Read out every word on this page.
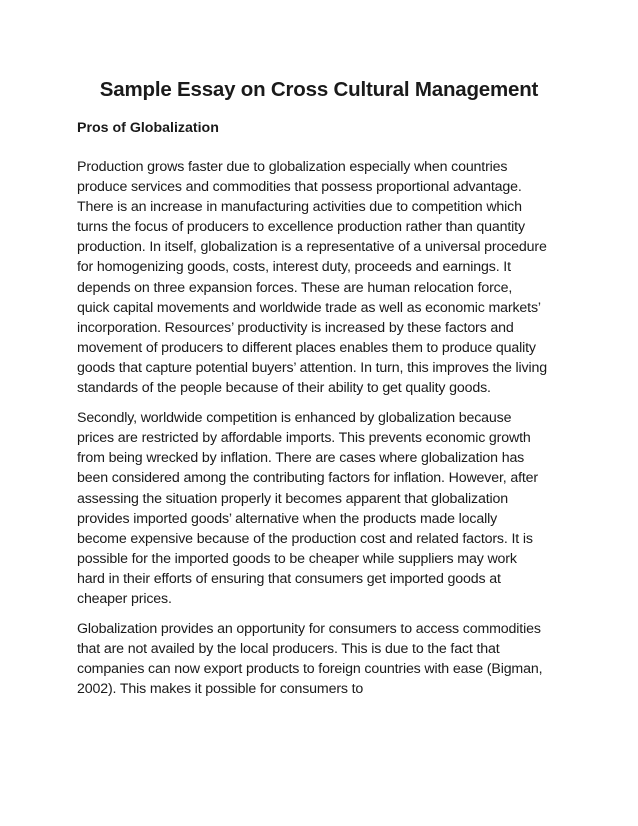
Sample Essay on Cross Cultural Management
Pros of Globalization

Production grows faster due to globalization especially when countries produce services and commodities that possess proportional advantage. There is an increase in manufacturing activities due to competition which turns the focus of producers to excellence production rather than quantity production. In itself, globalization is a representative of a universal procedure for homogenizing goods, costs, interest duty, proceeds and earnings. It depends on three expansion forces. These are human relocation force, quick capital movements and worldwide trade as well as economic markets’ incorporation. Resources’ productivity is increased by these factors and movement of producers to different places enables them to produce quality goods that capture potential buyers’ attention. In turn, this improves the living standards of the people because of their ability to get quality goods.

Secondly, worldwide competition is enhanced by globalization because prices are restricted by affordable imports. This prevents economic growth from being wrecked by inflation. There are cases where globalization has been considered among the contributing factors for inflation. However, after assessing the situation properly it becomes apparent that globalization provides imported goods’ alternative when the products made locally become expensive because of the production cost and related factors. It is possible for the imported goods to be cheaper while suppliers may work hard in their efforts of ensuring that consumers get imported goods at cheaper prices.

Globalization provides an opportunity for consumers to access commodities that are not availed by the local producers. This is due to the fact that companies can now export products to foreign countries with ease (Bigman, 2002). This makes it possible for consumers to
